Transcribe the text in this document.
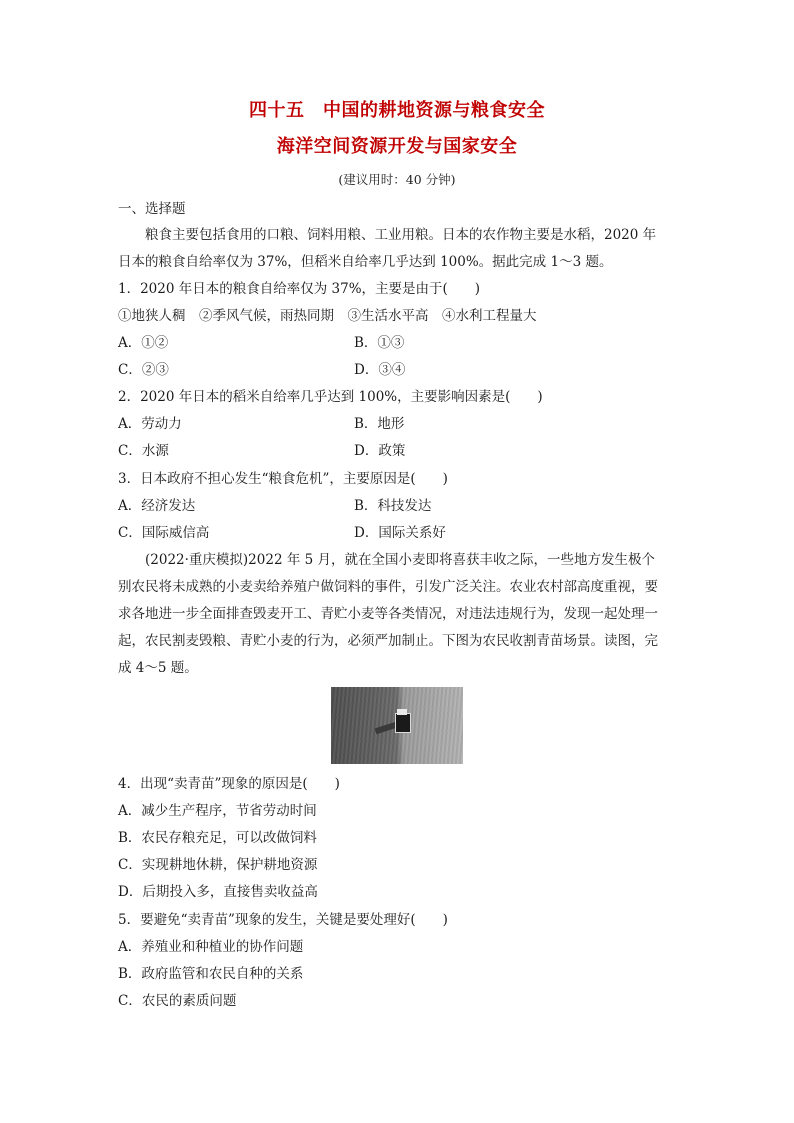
四十五　中国的耕地资源与粮食安全
海洋空间资源开发与国家安全
(建议用时：40 分钟)
一、选择题
粮食主要包括食用的口粮、饲料用粮、工业用粮。日本的农作物主要是水稻，2020 年
日本的粮食自给率仅为 37%，但稻米自给率几乎达到 100%。据此完成 1～3 题。
1．2020 年日本的粮食自给率仅为 37%，主要是由于(　　)
①地狭人稠　②季风气候，雨热同期　③生活水平高　④水利工程量大
A．①②	B．①③
C．②③	D．③④
2．2020 年日本的稻米自给率几乎达到 100%，主要影响因素是(　　)
A．劳动力	B．地形
C．水源	D．政策
3．日本政府不担心发生“粮食危机”，主要原因是(　　)
A．经济发达	B．科技发达
C．国际威信高	D．国际关系好
(2022·重庆模拟)2022 年 5 月，就在全国小麦即将喜获丰收之际，一些地方发生极个
别农民将未成熟的小麦卖给养殖户做饲料的事件，引发广泛关注。农业农村部高度重视，要
求各地进一步全面排查毁麦开工、青贮小麦等各类情况，对违法违规行为，发现一起处理一
起，农民割麦毁粮、青贮小麦的行为，必须严加制止。下图为农民收割青苗场景。读图，完
成 4～5 题。
4．出现“卖青苗”现象的原因是(　　)
A．减少生产程序，节省劳动时间
B．农民存粮充足，可以改做饲料
C．实现耕地休耕，保护耕地资源
D．后期投入多，直接售卖收益高
5．要避免“卖青苗”现象的发生，关键是要处理好(　　)
A．养殖业和种植业的协作问题
B．政府监管和农民自种的关系
C．农民的素质问题
